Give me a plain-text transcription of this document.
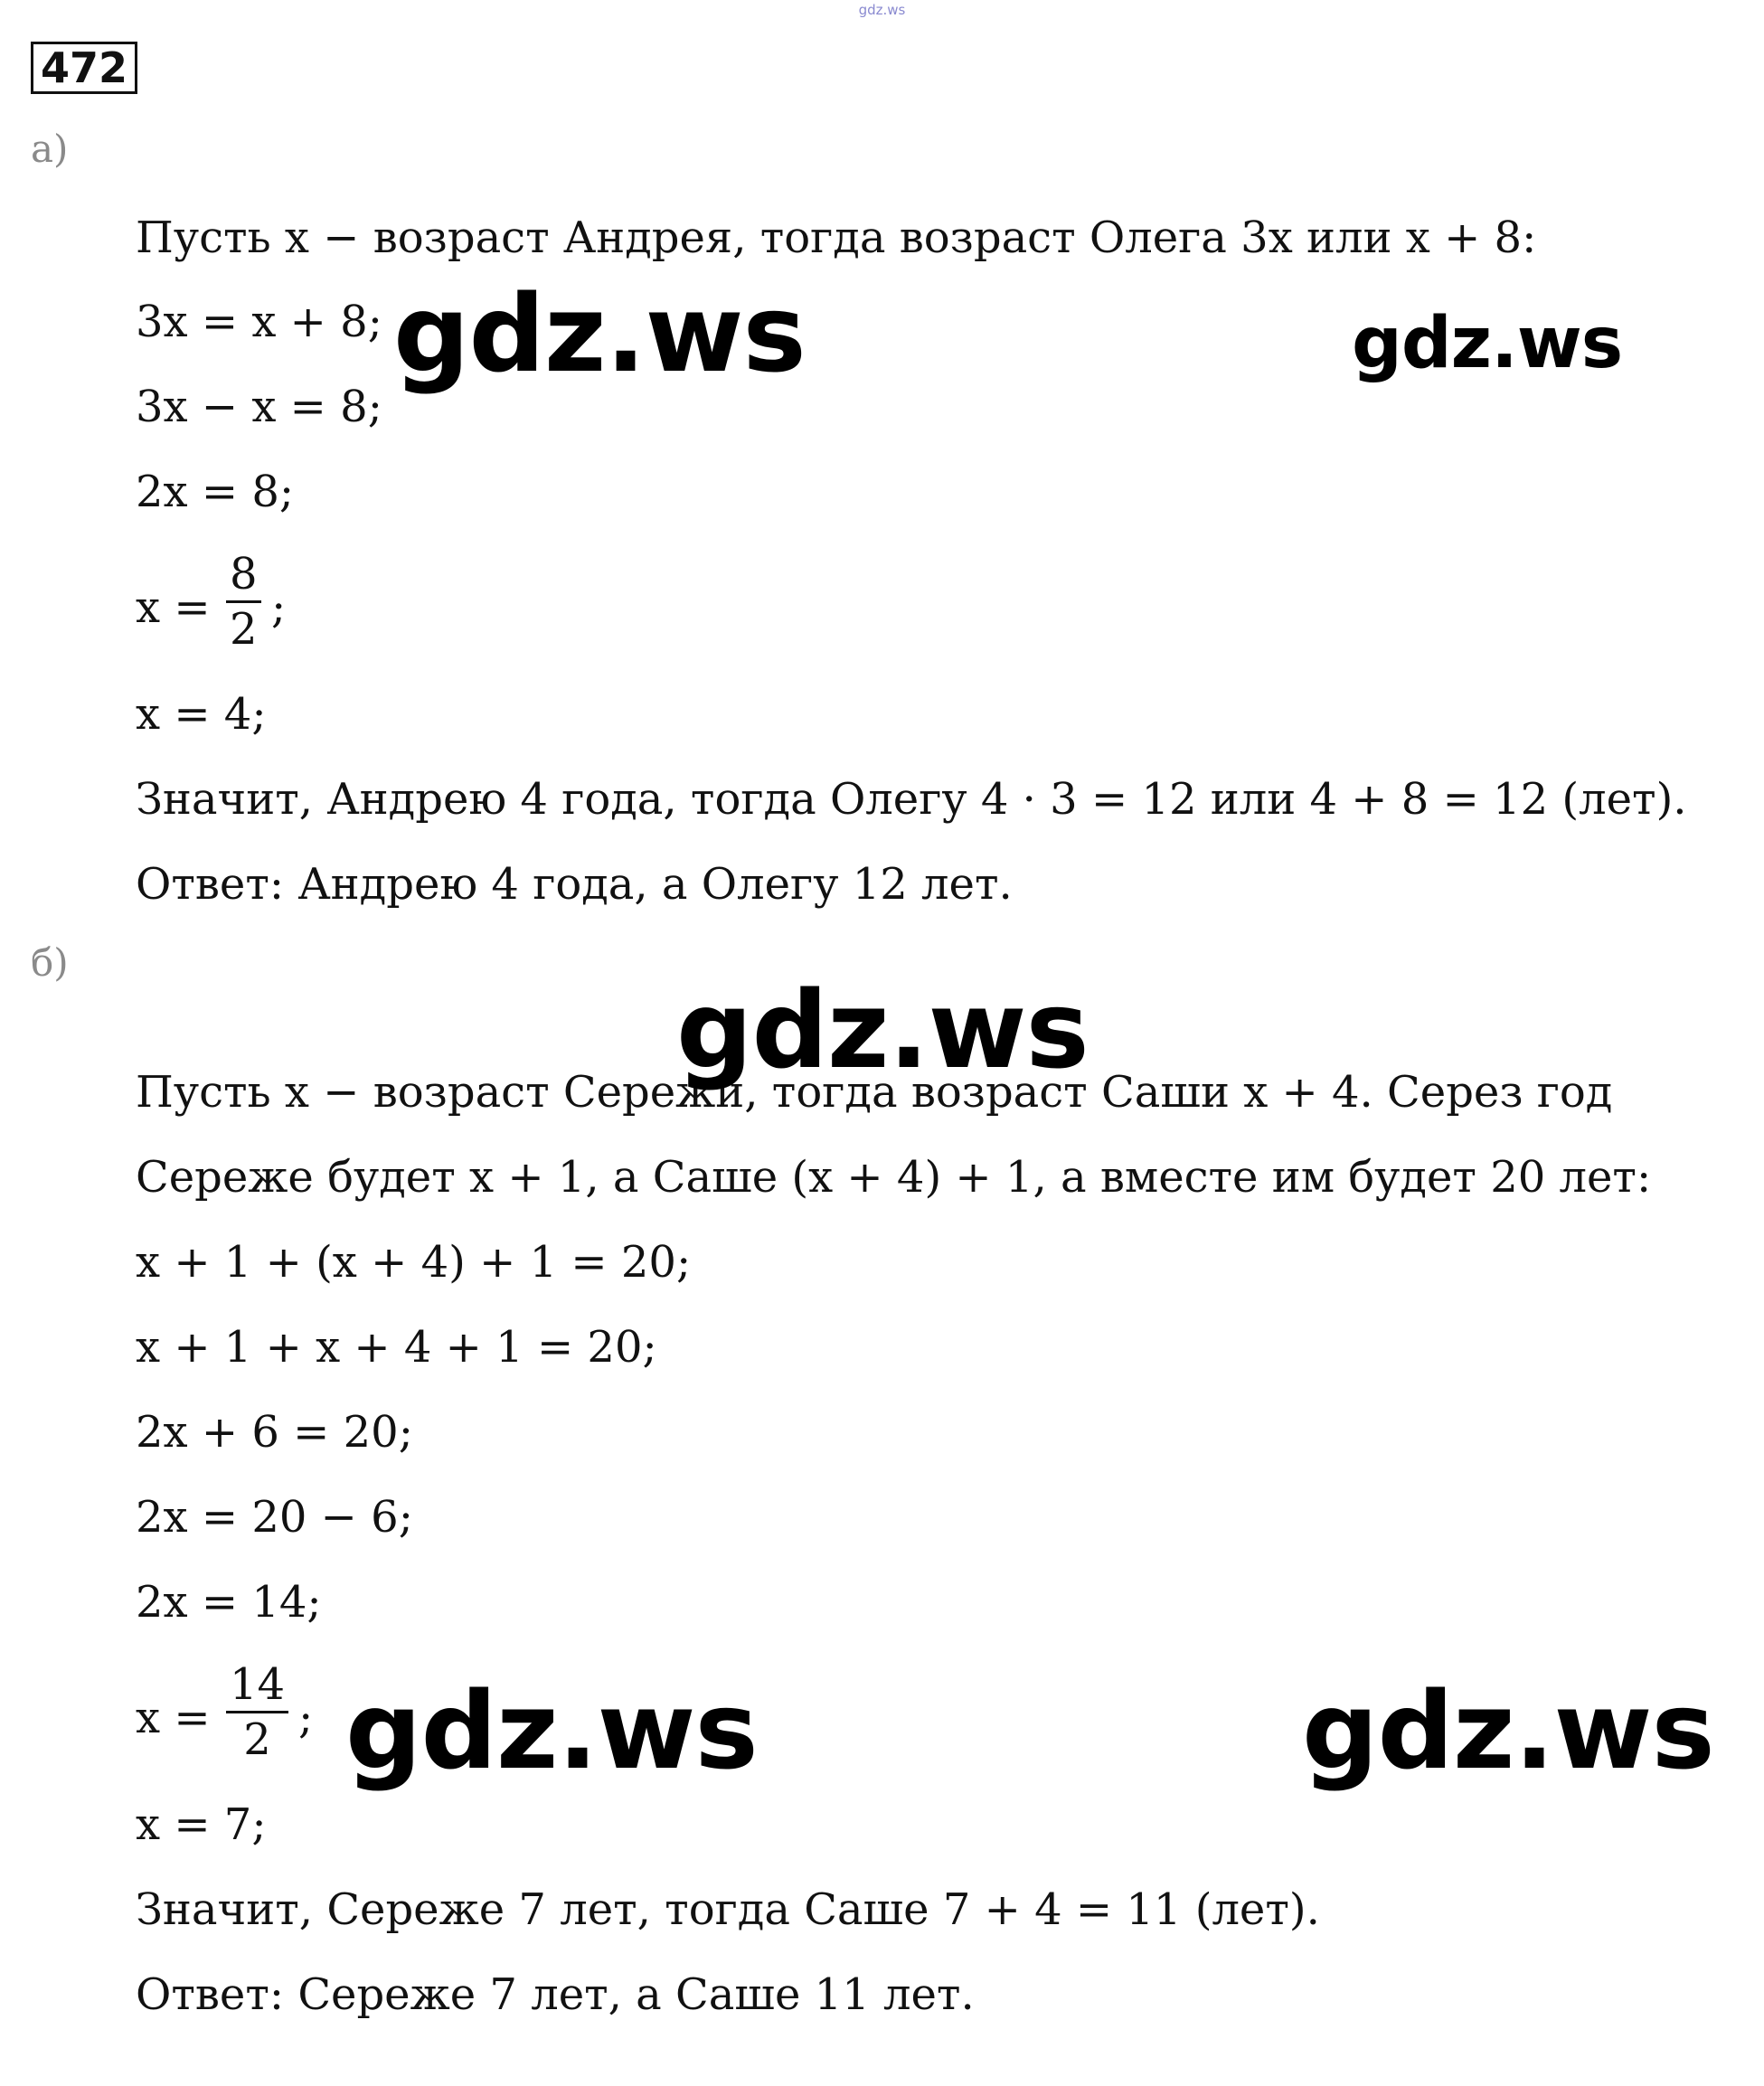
gdz.ws
472
а)
Пусть x − возраст Андрея, тогда возраст Олега 3x или x + 8:
3x = x + 8;
3x − x = 8;
2x = 8;
$x = \frac{8}{2}$ ;
x = 4;
Значит, Андрею 4 года, тогда Олегу 4 · 3 = 12 или 4 + 8 = 12 (лет).
Ответ: Андрею 4 года, а Олегу 12 лет.
б)
Пусть x − возраст Сережи, тогда возраст Саши x + 4. Серез год
Сереже будет x + 1, а Саше (x + 4) + 1, а вместе им будет 20 лет:
x + 1 + (x + 4) + 1 = 20;
x + 1 + x + 4 + 1 = 20;
2x + 6 = 20;
2x = 20 − 6;
2x = 14;
$x = \frac{14}{2}$ ;
x = 7;
Значит, Сереже 7 лет, тогда Саше 7 + 4 = 11 (лет).
Ответ: Сереже 7 лет, а Саше 11 лет.
gdz.ws	gdz.ws
gdz.ws
gdz.ws	gdz.ws
